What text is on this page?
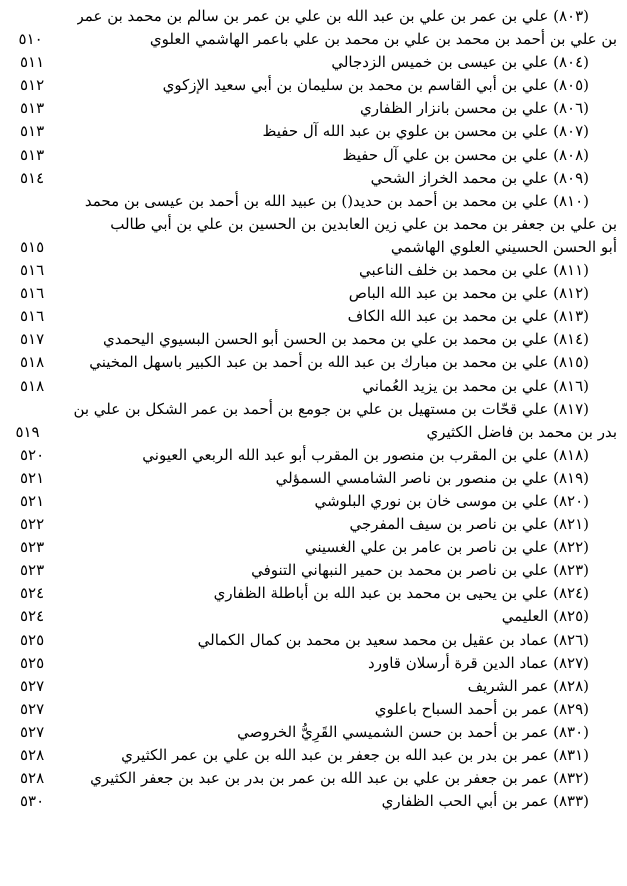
(٨٠٣) علي بن عمر بن علي بن عبد الله بن علي بن عمر بن سالم بن محمد بن عمر
بن علي بن أحمد بن محمد بن علي بن محمد بن علي باعمر الهاشمي العلوي
٥١٠
(٨٠٤) علي بن عيسى بن خميس الزدجالي
٥١١
(٨٠٥) علي بن أبي القاسم بن محمد بن سليمان بن أبي سعيد الإزكوي
٥١٢
(٨٠٦) علي بن محسن بانزار الظفاري
٥١٣
(٨٠٧) علي بن محسن بن علوي بن عبد الله آل حفيظ
٥١٣
(٨٠٨) علي بن محسن بن علي آل حفيظ
٥١٣
(٨٠٩) علي بن محمد الخراز الشحي
٥١٤
(٨١٠) علي بن محمد بن أحمد بن حديد() بن عبيد الله بن أحمد بن عيسى بن محمد
بن علي بن جعفر بن محمد بن علي زين العابدين بن الحسين بن علي بن أبي طالب
أبو الحسن الحسيني العلوي الهاشمي
٥١٥
(٨١١) علي بن محمد بن خلف الناعبي
٥١٦
(٨١٢) علي بن محمد بن عبد الله الباص
٥١٦
(٨١٣) علي بن محمد بن عبد الله الكاف
٥١٦
(٨١٤) علي بن محمد بن علي بن محمد بن الحسن أبو الحسن البسيوي اليحمدي
٥١٧
(٨١٥) علي بن محمد بن مبارك بن عبد الله بن أحمد بن عبد الكبير باسهل المخيني
٥١٨
(٨١٦) علي بن محمد بن يزيد العُماني
٥١٨
(٨١٧) علي قحّات بن مستهيل بن علي بن جومع بن أحمد بن عمر الشكل بن علي بن
بدر بن محمد بن فاضل الكثيري
٥١٩
(٨١٨) علي بن المقرب بن منصور بن المقرب أبو عبد الله الربعي العيوني
٥٢٠
(٨١٩) علي بن منصور بن ناصر الشامسي السمؤلي
٥٢١
(٨٢٠) علي بن موسى خان بن نوري البلوشي
٥٢١
(٨٢١) علي بن ناصر بن سيف المفرجي
٥٢٢
(٨٢٢) علي بن ناصر بن عامر بن علي الغسيني
٥٢٣
(٨٢٣) علي بن ناصر بن محمد بن حمير النبهاني التنوفي
٥٢٣
(٨٢٤) علي بن يحيى بن محمد بن عبد الله بن أباطلة الظفاري
٥٢٤
(٨٢٥) العليمي
٥٢٤
(٨٢٦) عماد بن عقيل بن محمد سعيد بن محمد بن كمال الكمالي
٥٢٥
(٨٢٧) عماد الدين قرة أرسلان قاورد
٥٢٥
(٨٢٨) عمر الشريف
٥٢٧
(٨٢٩) عمر بن أحمد السباح باعلوي
٥٢٧
(٨٣٠) عمر بن أحمد بن حسن الشميسي القَرِيُّ الخروصي
٥٢٧
(٨٣١) عمر بن بدر بن عبد الله بن جعفر بن عبد الله بن علي بن عمر الكثيري
٥٢٨
(٨٣٢) عمر بن جعفر بن علي بن عبد الله بن عمر بن بدر بن عبد بن جعفر الكثيري
٥٢٨
(٨٣٣) عمر بن أبي الحب الظفاري
٥٣٠
